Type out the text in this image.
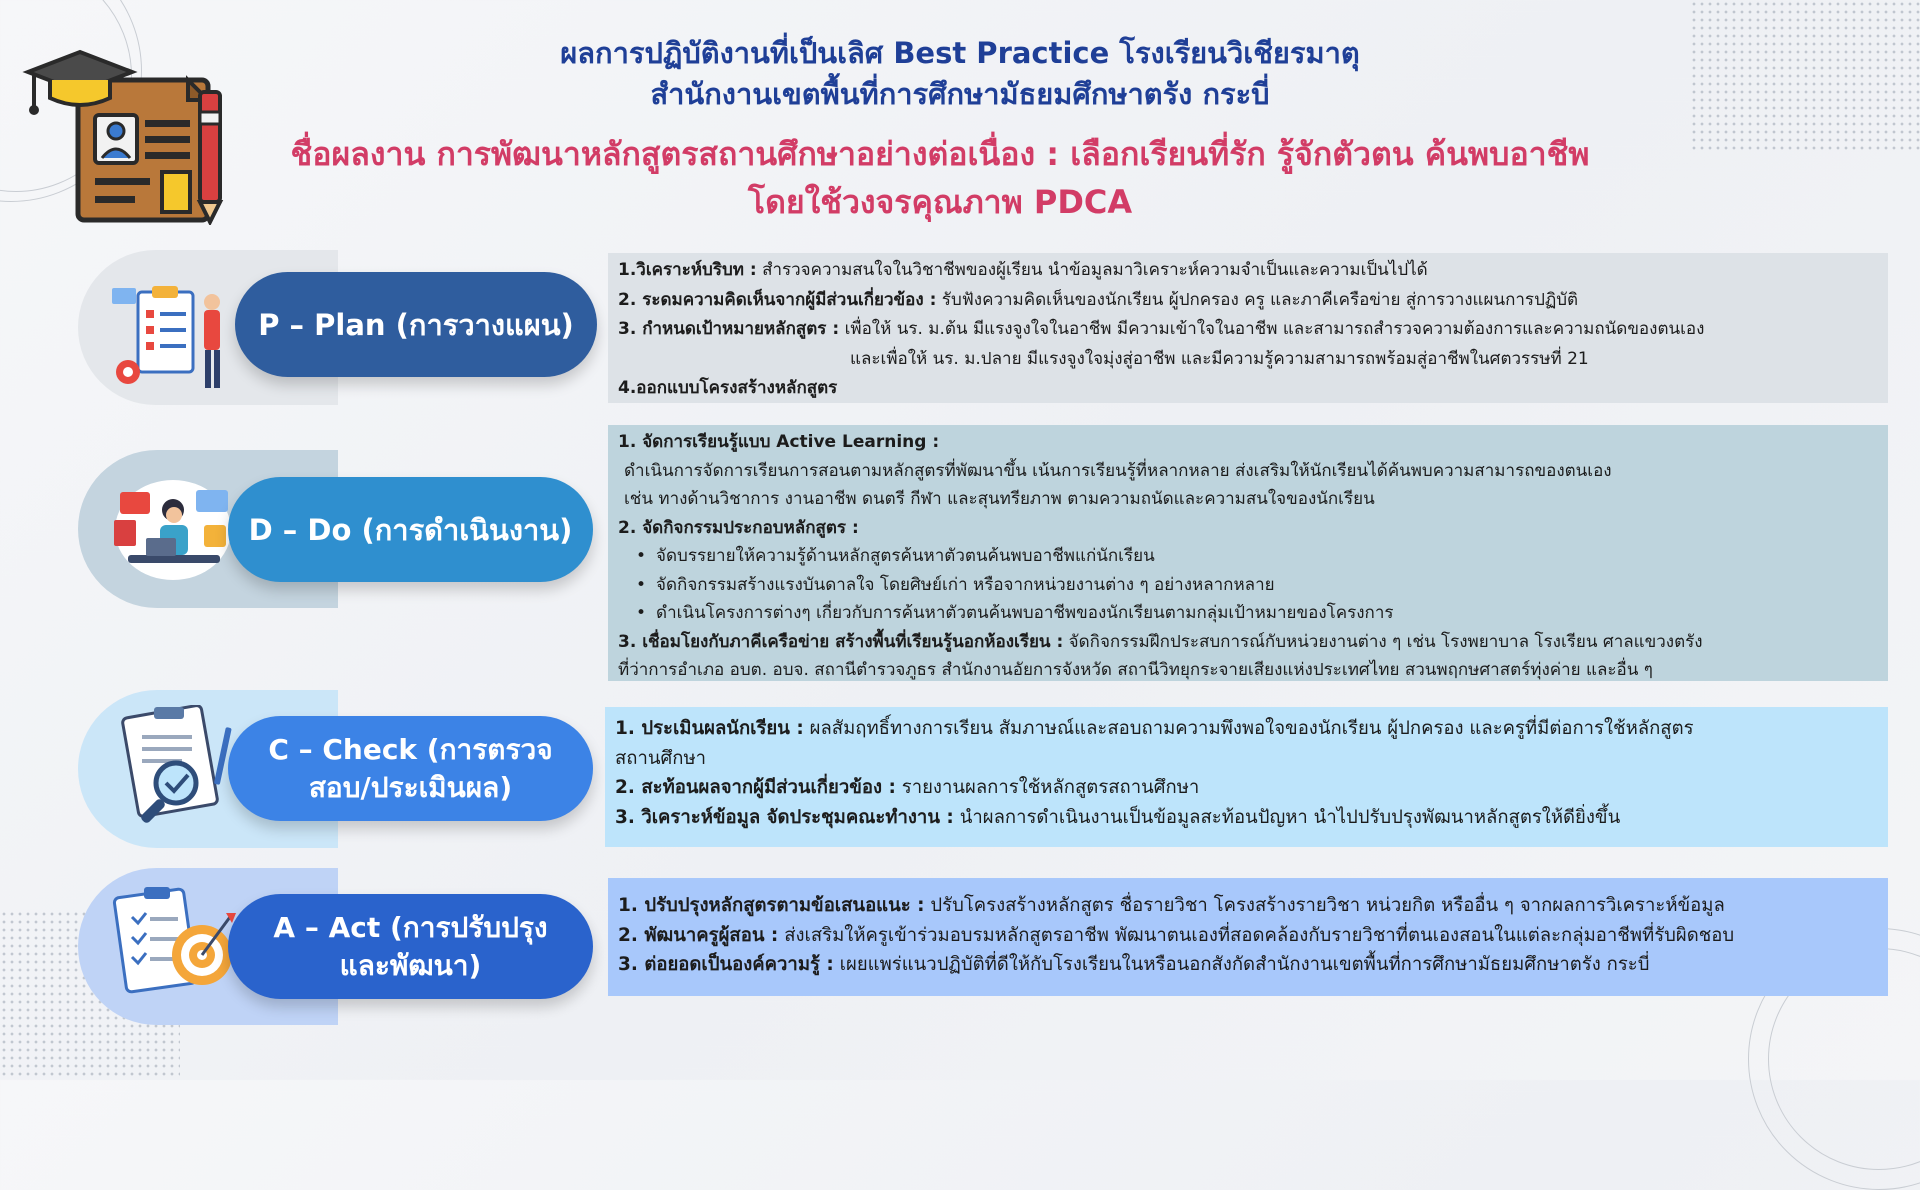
ผลการปฏิบัติงานที่เป็นเลิศ Best Practice โรงเรียนวิเชียรมาตุ
สำนักงานเขตพื้นที่การศึกษามัธยมศึกษาตรัง กระบี่
ชื่อผลงาน การพัฒนาหลักสูตรสถานศึกษาอย่างต่อเนื่อง : เลือกเรียนที่รัก รู้จักตัวตน ค้นพบอาชีพ
โดยใช้วงจรคุณภาพ PDCA
P – Plan (การวางแผน)
1.วิเคราะห์บริบท : สำรวจความสนใจในวิชาชีพของผู้เรียน นำข้อมูลมาวิเคราะห์ความจำเป็นและความเป็นไปได้
2. ระดมความคิดเห็นจากผู้มีส่วนเกี่ยวข้อง : รับฟังความคิดเห็นของนักเรียน ผู้ปกครอง ครู และภาคีเครือข่าย สู่การวางแผนการปฏิบัติ
3. กำหนดเป้าหมายหลักสูตร : เพื่อให้ นร. ม.ต้น มีแรงจูงใจในอาชีพ มีความเข้าใจในอาชีพ และสามารถสำรวจความต้องการและความถนัดของตนเอง
และเพื่อให้ นร. ม.ปลาย มีแรงจูงใจมุ่งสู่อาชีพ และมีความรู้ความสามารถพร้อมสู่อาชีพในศตวรรษที่ 21
4.ออกแบบโครงสร้างหลักสูตร
D – Do (การดำเนินงาน)
1. จัดการเรียนรู้แบบ Active Learning :
ดำเนินการจัดการเรียนการสอนตามหลักสูตรที่พัฒนาขึ้น เน้นการเรียนรู้ที่หลากหลาย ส่งเสริมให้นักเรียนได้ค้นพบความสามารถของตนเอง
เช่น ทางด้านวิชาการ งานอาชีพ ดนตรี กีฬา และสุนทรียภาพ ตามความถนัดและความสนใจของนักเรียน
2. จัดกิจกรรมประกอบหลักสูตร :
• จัดบรรยายให้ความรู้ด้านหลักสูตรค้นหาตัวตนค้นพบอาชีพแก่นักเรียน
• จัดกิจกรรมสร้างแรงบันดาลใจ โดยศิษย์เก่า หรือจากหน่วยงานต่าง ๆ อย่างหลากหลาย
• ดำเนินโครงการต่างๆ เกี่ยวกับการค้นหาตัวตนค้นพบอาชีพของนักเรียนตามกลุ่มเป้าหมายของโครงการ
3. เชื่อมโยงกับภาคีเครือข่าย สร้างพื้นที่เรียนรู้นอกห้องเรียน : จัดกิจกรรมฝึกประสบการณ์กับหน่วยงานต่าง ๆ เช่น โรงพยาบาล โรงเรียน ศาลแขวงตรัง
ที่ว่าการอำเภอ อบต. อบจ. สถานีตำรวจภูธร สำนักงานอัยการจังหวัด สถานีวิทยุกระจายเสียงแห่งประเทศไทย สวนพฤกษศาสตร์ทุ่งค่าย และอื่น ๆ
C – Check (การตรวจ
สอบ/ประเมินผล)
1. ประเมินผลนักเรียน : ผลสัมฤทธิ์ทางการเรียน สัมภาษณ์และสอบถามความพึงพอใจของนักเรียน ผู้ปกครอง และครูที่มีต่อการใช้หลักสูตร
สถานศึกษา
2. สะท้อนผลจากผู้มีส่วนเกี่ยวข้อง : รายงานผลการใช้หลักสูตรสถานศึกษา
3. วิเคราะห์ข้อมูล จัดประชุมคณะทำงาน : นำผลการดำเนินงานเป็นข้อมูลสะท้อนปัญหา นำไปปรับปรุงพัฒนาหลักสูตรให้ดียิ่งขึ้น
A – Act (การปรับปรุง
และพัฒนา)
1. ปรับปรุงหลักสูตรตามข้อเสนอแนะ : ปรับโครงสร้างหลักสูตร ชื่อรายวิชา โครงสร้างรายวิชา หน่วยกิต หรืออื่น ๆ จากผลการวิเคราะห์ข้อมูล
2. พัฒนาครูผู้สอน : ส่งเสริมให้ครูเข้าร่วมอบรมหลักสูตรอาชีพ พัฒนาตนเองที่สอดคล้องกับรายวิชาที่ตนเองสอนในแต่ละกลุ่มอาชีพที่รับผิดชอบ
3. ต่อยอดเป็นองค์ความรู้ : เผยแพร่แนวปฏิบัติที่ดีให้กับโรงเรียนในหรือนอกสังกัดสำนักงานเขตพื้นที่การศึกษามัธยมศึกษาตรัง กระบี่
